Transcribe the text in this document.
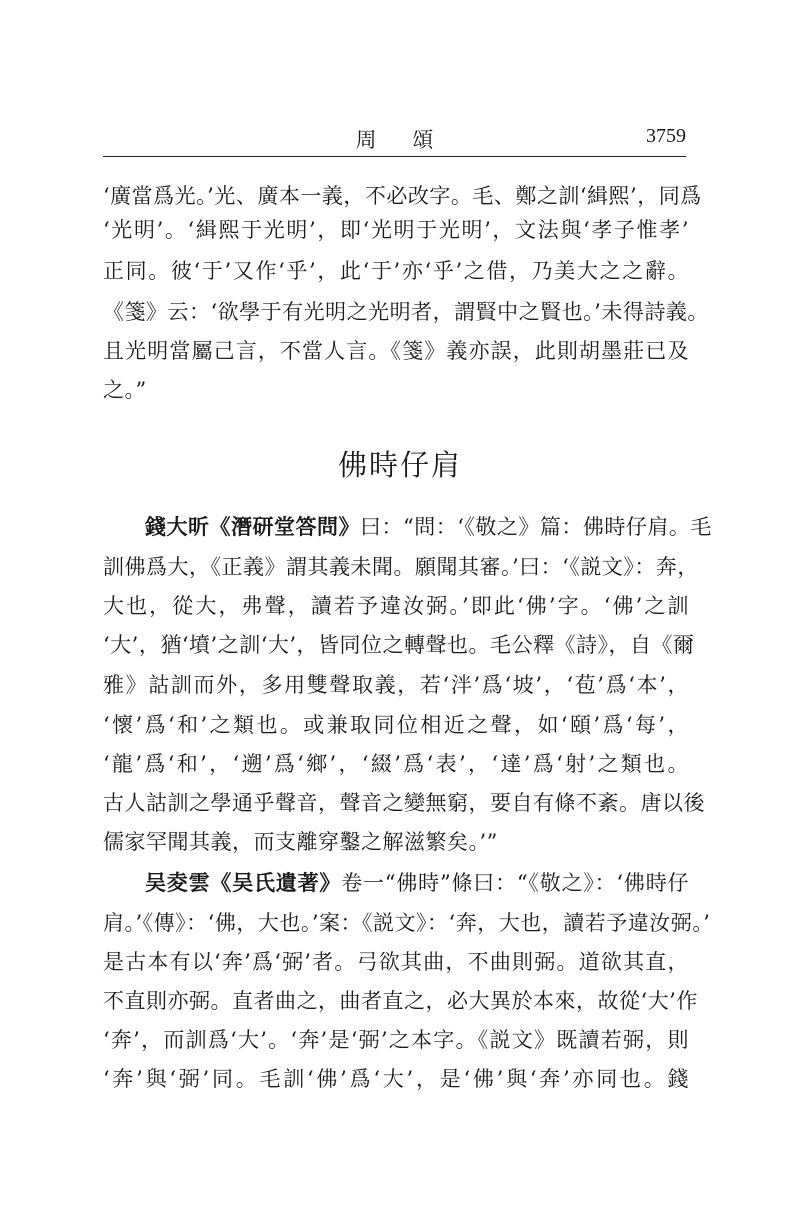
周頌	3759
‘廣當爲光。’光、廣本一義，不必改字。毛、鄭之訓‘緝熙’，同爲
‘光明’。‘緝熙于光明’，即‘光明于光明’，文法與‘孝子惟孝’
正同。彼‘于’又作‘乎’，此‘于’亦‘乎’之借，乃美大之之辭。
《箋》云：‘欲學于有光明之光明者，謂賢中之賢也。’未得詩義。
且光明當屬己言，不當人言。《箋》義亦誤，此則胡墨莊已及
之。”
錢大昕《潛研堂答問》曰：“問：‘《敬之》篇：佛時仔肩。毛
訓佛爲大，《正義》謂其義未聞。願聞其審。’曰：‘《説文》：奔，
大也，從大，弗聲，讀若予違汝弼。’即此‘佛’字。‘佛’之訓
‘大’，猶‘墳’之訓‘大’，皆同位之轉聲也。毛公釋《詩》，自《爾
雅》詁訓而外，多用雙聲取義，若‘泮’爲‘坡’，‘苞’爲‘本’，
‘懷’爲‘和’之類也。或兼取同位相近之聲，如‘頤’爲‘每’，
‘龍’爲‘和’，‘遡’爲‘鄉’，‘綴’爲‘表’，‘達’爲‘射’之類也。
古人詁訓之學通乎聲音，聲音之變無窮，要自有條不紊。唐以後
儒家罕聞其義，而支離穿鑿之解滋繁矣。’”
吴夌雲《吴氏遺著》卷一“佛時”條曰：“《敬之》：‘佛時仔
肩。’《傳》：‘佛，大也。’案：《説文》：‘奔，大也，讀若予違汝弼。’
是古本有以‘奔’爲‘弼’者。弓欲其曲，不曲則弼。道欲其直，
不直則亦弼。直者曲之，曲者直之，必大異於本來，故從‘大’作
‘奔’，而訓爲‘大’。‘奔’是‘弼’之本字。《説文》既讀若弼，則
‘奔’與‘弼’同。毛訓‘佛’爲‘大’，是‘佛’與‘奔’亦同也。錢
佛時仔肩
